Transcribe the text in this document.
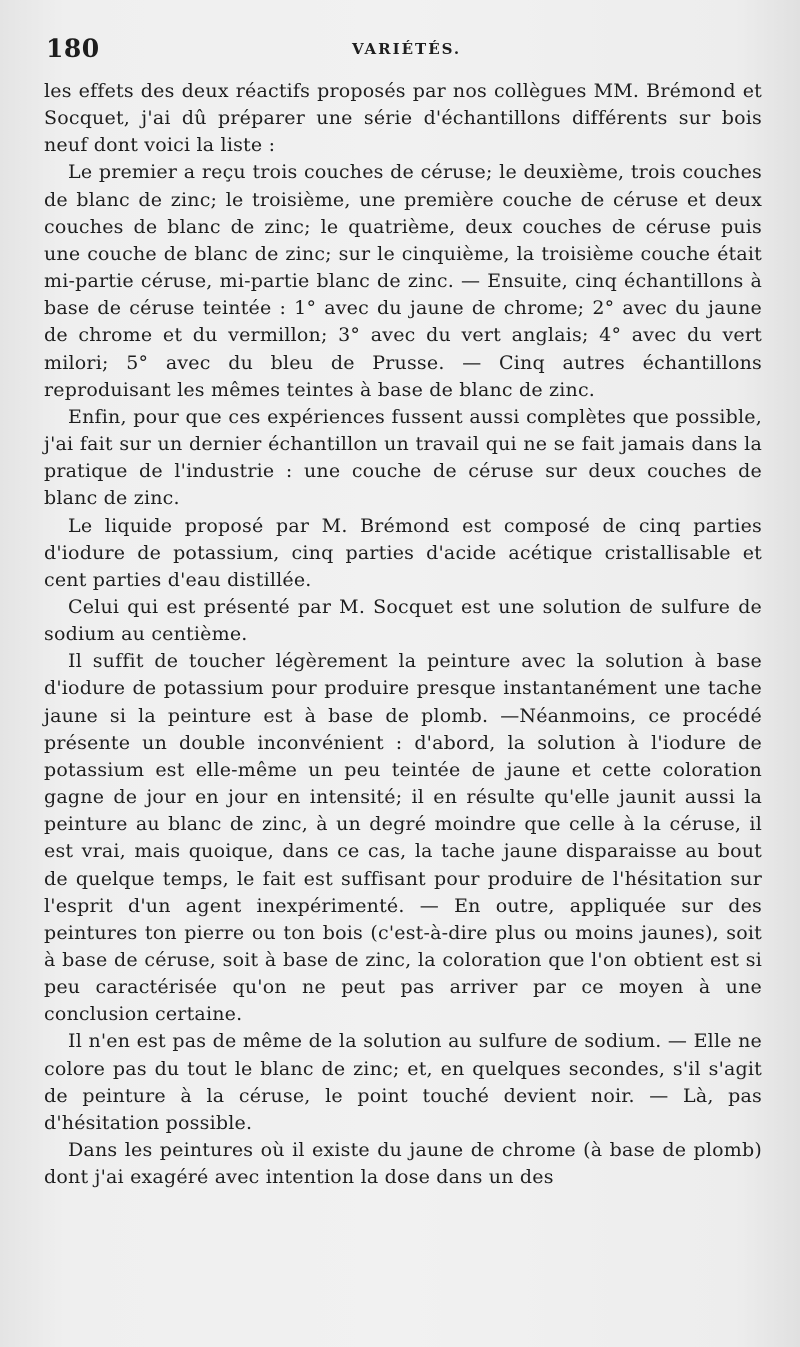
180	VARIÉTÉS.

les effets des deux réactifs proposés par nos collègues MM. Brémond et Socquet, j'ai dû préparer une série d'échantillons différents sur bois neuf dont voici la liste :

Le premier a reçu trois couches de céruse; le deuxième, trois couches de blanc de zinc; le troisième, une première couche de céruse et deux couches de blanc de zinc; le quatrième, deux couches de céruse puis une couche de blanc de zinc; sur le cinquième, la troisième couche était mi-partie céruse, mi-partie blanc de zinc. — Ensuite, cinq échantillons à base de céruse teintée : 1° avec du jaune de chrome; 2° avec du jaune de chrome et du vermillon; 3° avec du vert anglais; 4° avec du vert milori; 5° avec du bleu de Prusse. — Cinq autres échantillons reproduisant les mêmes teintes à base de blanc de zinc.

Enfin, pour que ces expériences fussent aussi complètes que possible, j'ai fait sur un dernier échantillon un travail qui ne se fait jamais dans la pratique de l'industrie : une couche de céruse sur deux couches de blanc de zinc.

Le liquide proposé par M. Brémond est composé de cinq parties d'iodure de potassium, cinq parties d'acide acétique cristallisable et cent parties d'eau distillée.

Celui qui est présenté par M. Socquet est une solution de sulfure de sodium au centième.

Il suffit de toucher légèrement la peinture avec la solution à base d'iodure de potassium pour produire presque instantanément une tache jaune si la peinture est à base de plomb. —Néanmoins, ce procédé présente un double inconvénient : d'abord, la solution à l'iodure de potassium est elle-même un peu teintée de jaune et cette coloration gagne de jour en jour en intensité; il en résulte qu'elle jaunit aussi la peinture au blanc de zinc, à un degré moindre que celle à la céruse, il est vrai, mais quoique, dans ce cas, la tache jaune disparaisse au bout de quelque temps, le fait est suffisant pour produire de l'hésitation sur l'esprit d'un agent inexpérimenté. — En outre, appliquée sur des peintures ton pierre ou ton bois (c'est-à-dire plus ou moins jaunes), soit à base de céruse, soit à base de zinc, la coloration que l'on obtient est si peu caractérisée qu'on ne peut pas arriver par ce moyen à une conclusion certaine.

Il n'en est pas de même de la solution au sulfure de sodium. — Elle ne colore pas du tout le blanc de zinc; et, en quelques secondes, s'il s'agit de peinture à la céruse, le point touché devient noir. — Là, pas d'hésitation possible.

Dans les peintures où il existe du jaune de chrome (à base de plomb) dont j'ai exagéré avec intention la dose dans un des
